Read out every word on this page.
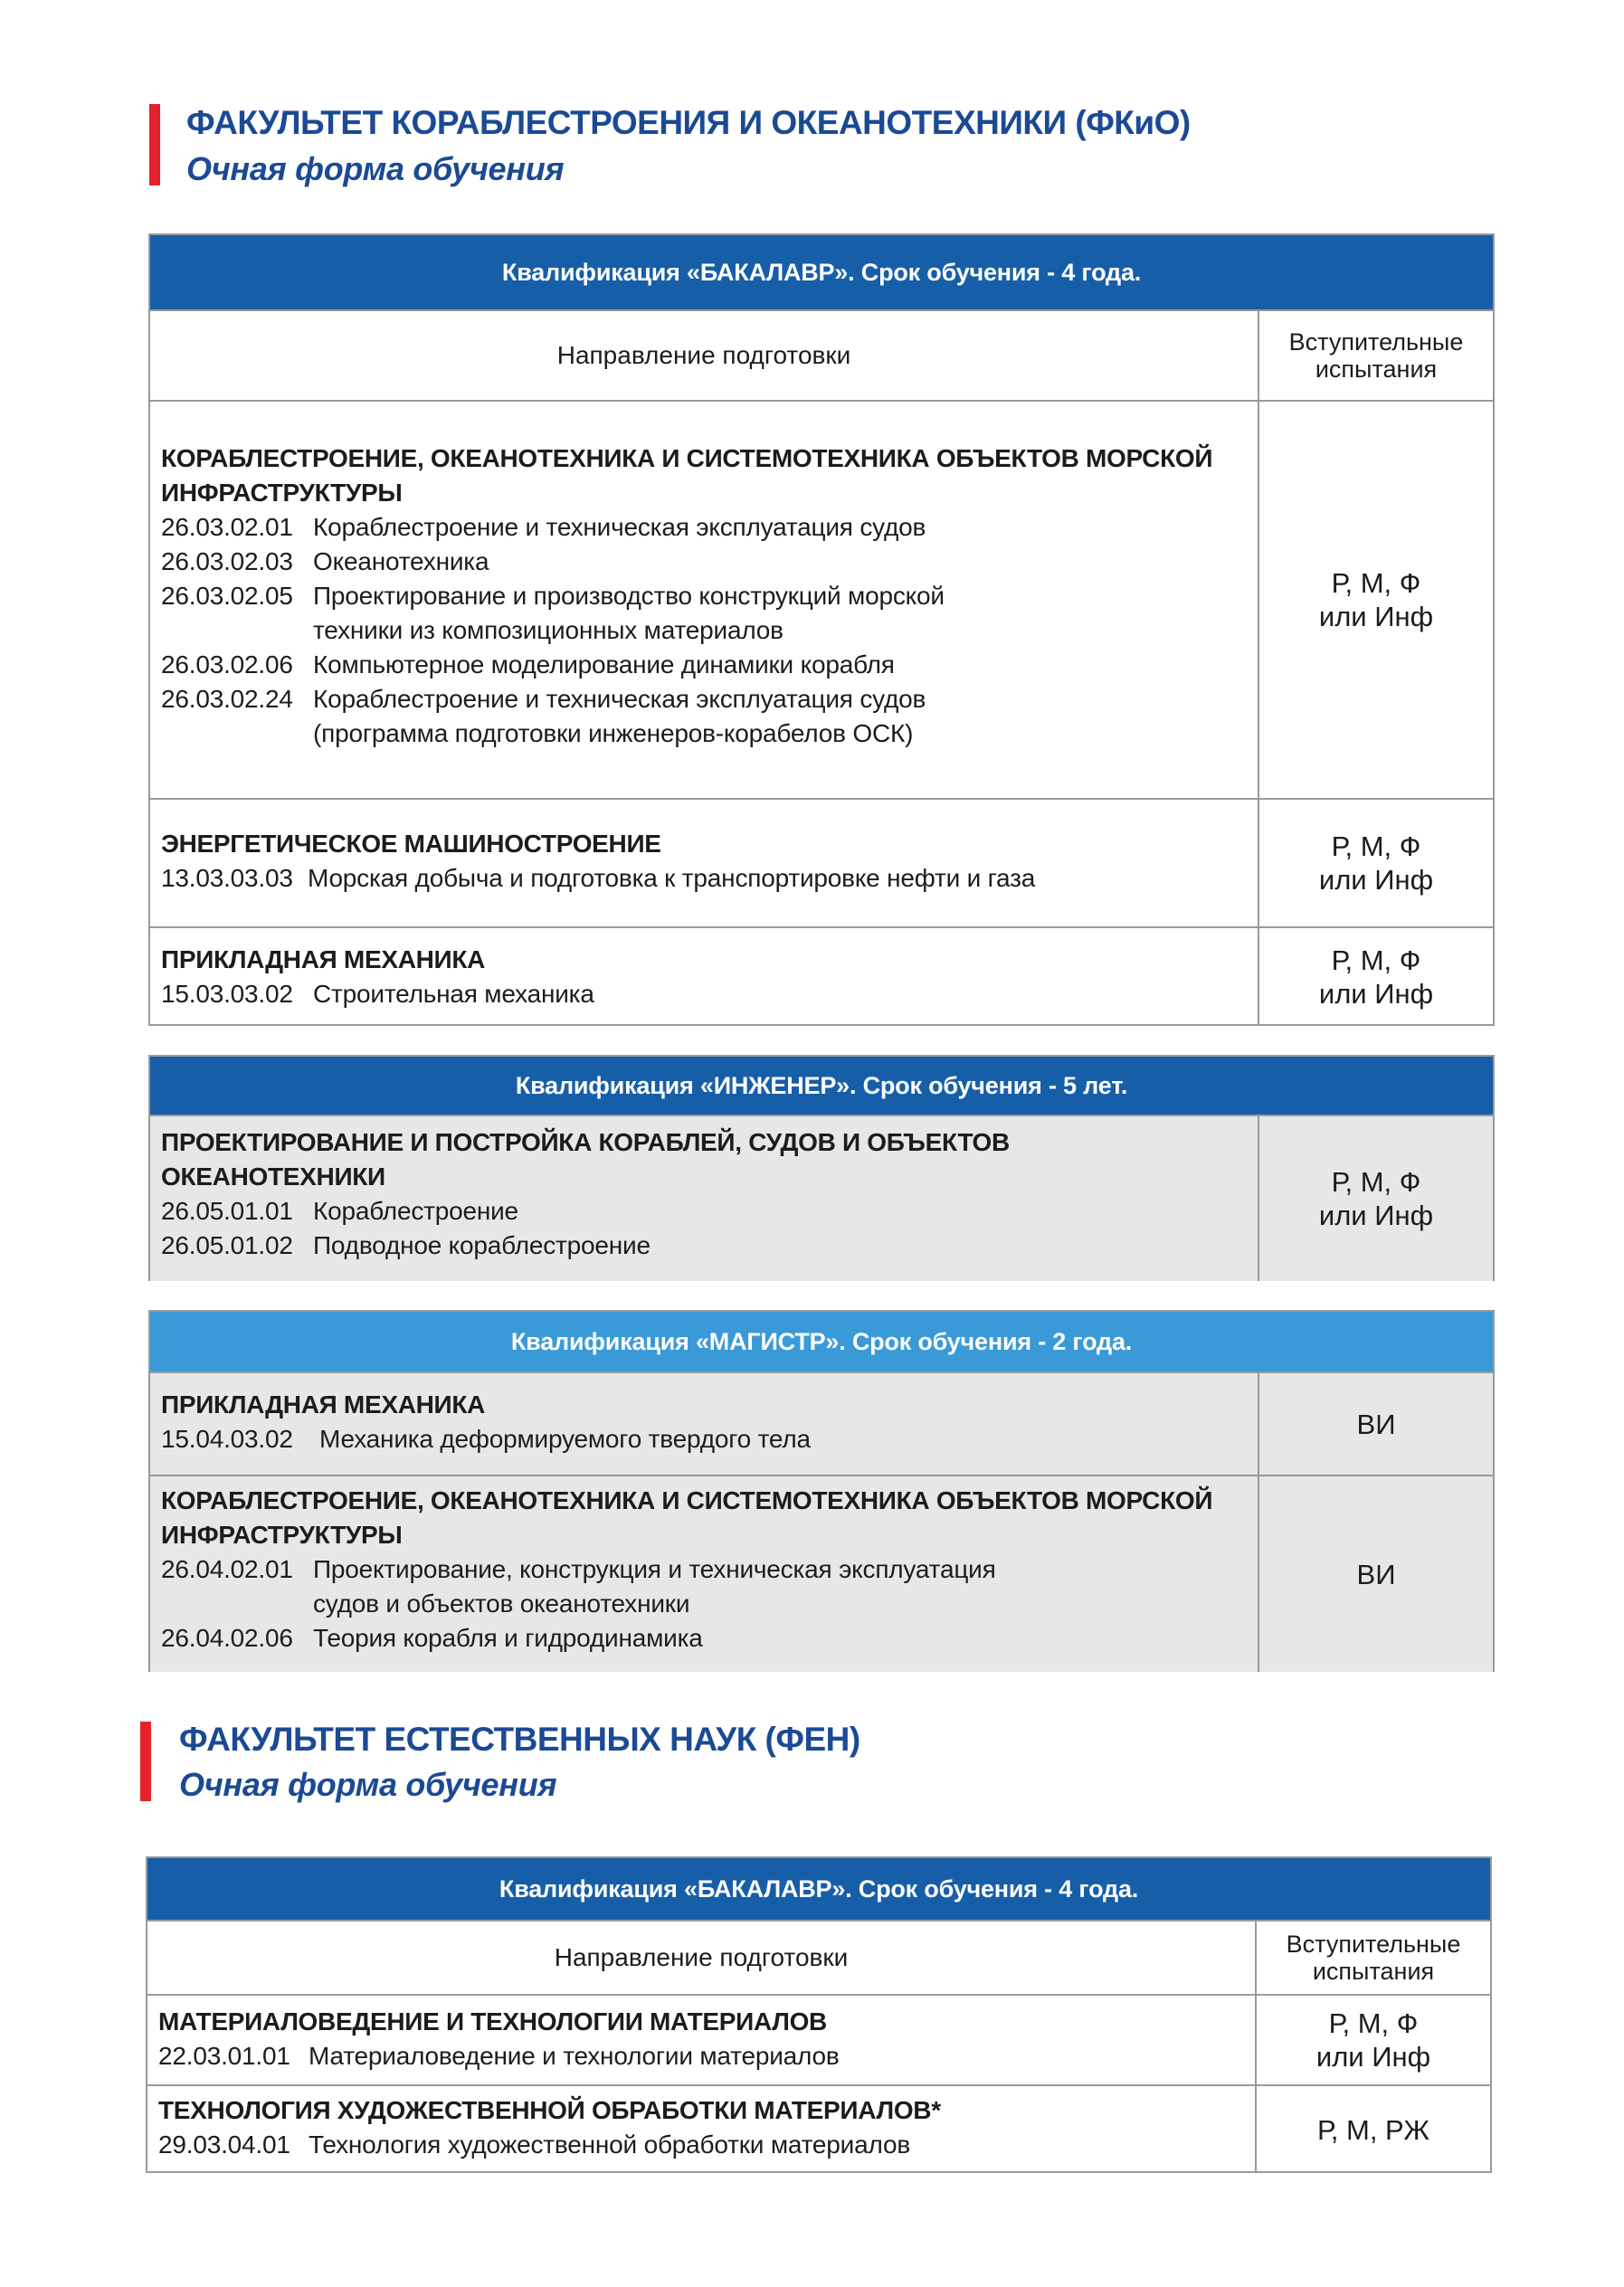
ФАКУЛЬТЕТ КОРАБЛЕСТРОЕНИЯ И ОКЕАНОТЕХНИКИ (ФКиО)
Очная форма обучения
Квалификация «БАКАЛАВР». Срок обучения - 4 года.
Направление подготовки	Вступительные
испытания
КОРАБЛЕСТРОЕНИЕ, ОКЕАНОТЕХНИКА И СИСТЕМОТЕХНИКА ОБЪЕКТОВ МОРСКОЙ
ИНФРАСТРУКТУРЫ
26.03.02.01 Кораблестроение и техническая эксплуатация судов
26.03.02.03 Океанотехника
26.03.02.05 Проектирование и производство конструкций морской
техники из композиционных материалов
26.03.02.06 Компьютерное моделирование динамики корабля
26.03.02.24 Кораблестроение и техническая эксплуатация судов
(программа подготовки инженеров-корабелов ОСК)
Р, М, Ф
или Инф
ЭНЕРГЕТИЧЕСКОЕ МАШИНОСТРОЕНИЕ
13.03.03.03 Морская добыча и подготовка к транспортировке нефти и газа
Р, М, Ф
или Инф
ПРИКЛАДНАЯ МЕХАНИКА
15.03.03.02 Строительная механика
Р, М, Ф
или Инф
Квалификация «ИНЖЕНЕР». Срок обучения - 5 лет.
ПРОЕКТИРОВАНИЕ И ПОСТРОЙКА КОРАБЛЕЙ, СУДОВ И ОБЪЕКТОВ
ОКЕАНОТЕХНИКИ
26.05.01.01 Кораблестроение
26.05.01.02 Подводное кораблестроение
Р, М, Ф
или Инф
Квалификация «МАГИСТР». Срок обучения - 2 года.
ПРИКЛАДНАЯ МЕХАНИКА
15.04.03.02	Механика деформируемого твердого тела	ВИ
КОРАБЛЕСТРОЕНИЕ, ОКЕАНОТЕХНИКА И СИСТЕМОТЕХНИКА ОБЪЕКТОВ МОРСКОЙ
ИНФРАСТРУКТУРЫ
26.04.02.01 Проектирование, конструкция и техническая эксплуатация
судов и объектов океанотехники
26.04.02.06 Теория корабля и гидродинамика
ВИ
ФАКУЛЬТЕТ ЕСТЕСТВЕННЫХ НАУК (ФЕН)
Очная форма обучения
Квалификация «БАКАЛАВР». Срок обучения - 4 года.
Направление подготовки	Вступительные
испытания
МАТЕРИАЛОВЕДЕНИЕ И ТЕХНОЛОГИИ МАТЕРИАЛОВ
22.03.01.01 Материаловедение и технологии материалов
Р, М, Ф
или Инф
ТЕХНОЛОГИЯ ХУДОЖЕСТВЕННОЙ ОБРАБОТКИ МАТЕРИАЛОВ*
29.03.04.01 Технология художественной обработки материалов	Р, М, РЖ
